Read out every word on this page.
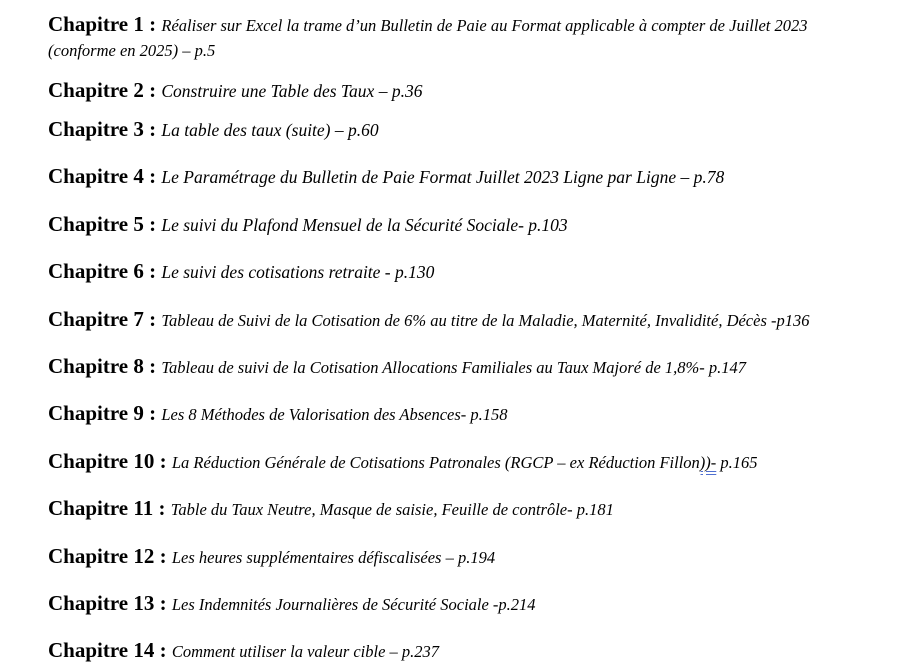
Chapitre 1 : Réaliser sur Excel la trame d’un Bulletin de Paie au Format applicable à compter de Juillet 2023 (conforme en 2025) – p.5
Chapitre 2 : Construire une Table des Taux – p.36
Chapitre 3 : La table des taux (suite) – p.60
Chapitre 4 : Le Paramétrage du Bulletin de Paie Format Juillet 2023 Ligne par Ligne – p.78
Chapitre 5 : Le suivi du Plafond Mensuel de la Sécurité Sociale- p.103
Chapitre 6 : Le suivi des cotisations retraite - p.130
Chapitre 7 : Tableau de Suivi de la Cotisation de 6% au titre de la Maladie, Maternité, Invalidité, Décès -p136
Chapitre 8 : Tableau de suivi de la Cotisation Allocations Familiales au Taux Majoré de 1,8%- p.147
Chapitre 9 : Les 8 Méthodes de Valorisation des Absences- p.158
Chapitre 10 : La Réduction Générale de Cotisations Patronales (RGCP – ex Réduction Fillon))- p.165
Chapitre 11 : Table du Taux Neutre, Masque de saisie, Feuille de contrôle- p.181
Chapitre 12 : Les heures supplémentaires défiscalisées – p.194
Chapitre 13 : Les Indemnités Journalières de Sécurité Sociale -p.214
Chapitre 14 : Comment utiliser la valeur cible – p.237
